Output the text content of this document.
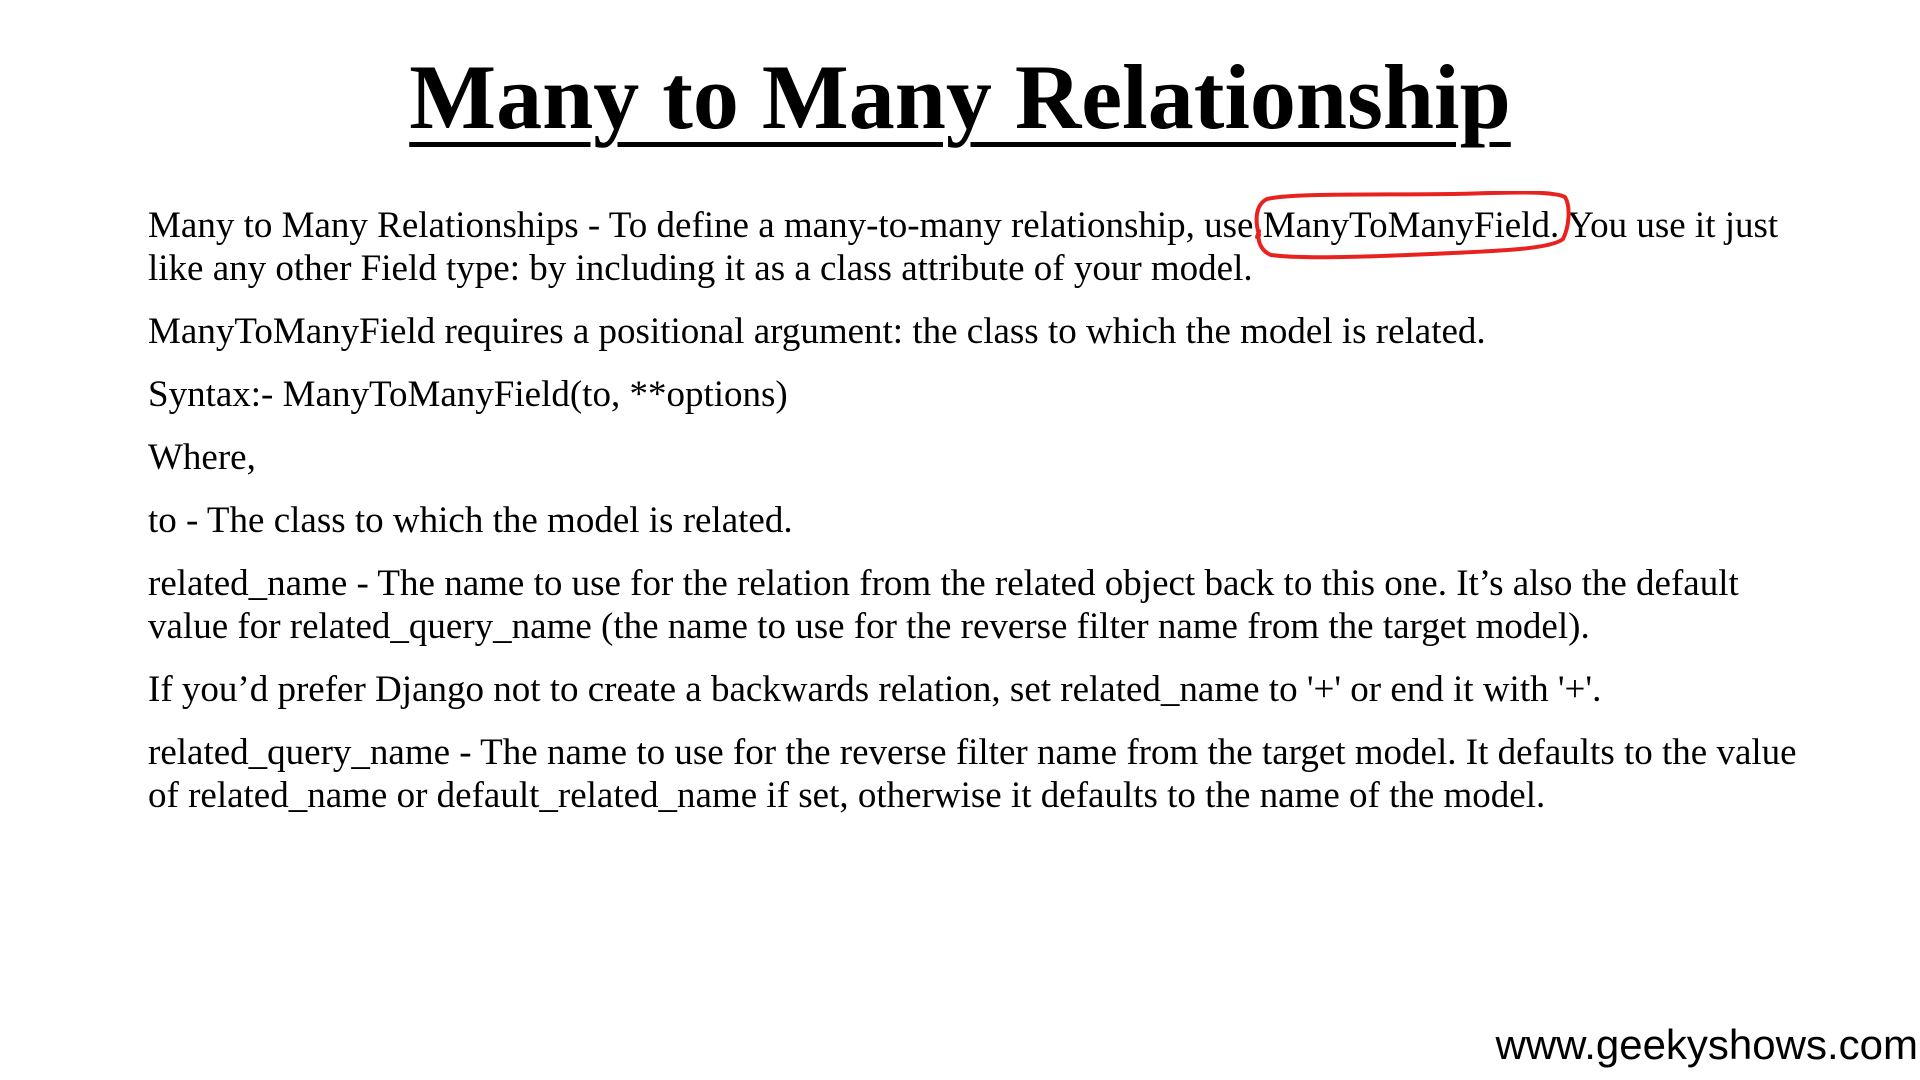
Many to Many Relationship

Many to Many Relationships - To define a many-to-many relationship, use ManyToManyField
. You use it just like any other Field type: by including it as a class attribute of your model.

ManyToManyField requires a positional argument: the class to which the model is related.

Syntax:- ManyToManyField(to, **options)

Where,

to - The class to which the model is related.

related_name - The name to use for the relation from the related object back to this one. It’s also the default value for related_query_name (the name to use for the reverse filter name from the target model).

If you’d prefer Django not to create a backwards relation, set related_name to '+' or end it with '+'.

related_query_name - The name to use for the reverse filter name from the target model. It defaults to the value of related_name or default_related_name if set, otherwise it defaults to the name of the model.

www.geekyshows.com
